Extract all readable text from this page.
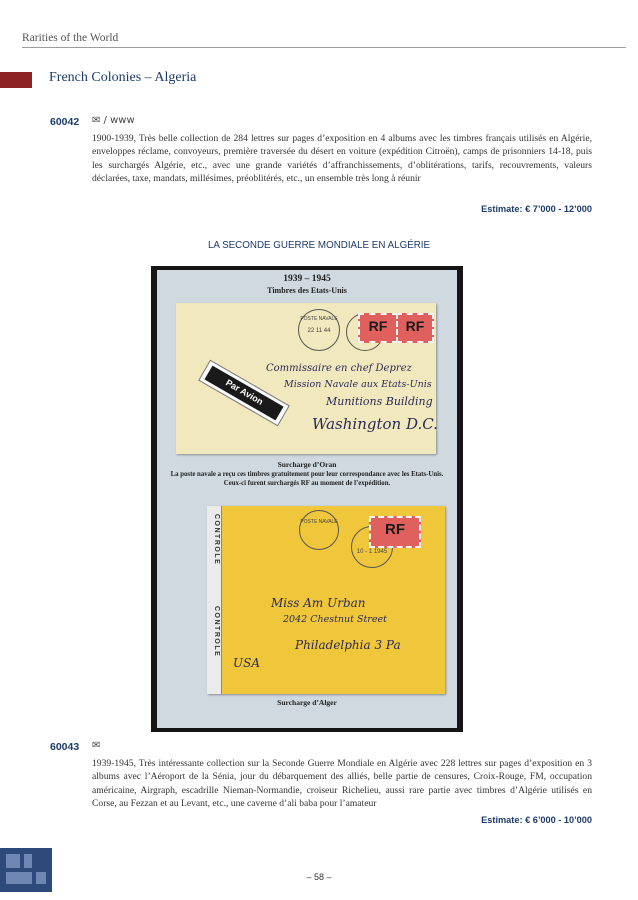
Rarities of the World
French Colonies – Algeria
60042 ✉ / www
1900-1939, Très belle collection de 284 lettres sur pages d’exposition en 4 albums avec les timbres français utilisés en Algérie, enveloppes réclame, convoyeurs, première traversée du désert en voiture (expédition Citroën), camps de prisonniers 14-18, puis les surchargés Algérie, etc., avec une grande variétés d’affranchissements, d’oblitérations, tarifs, recouvrements, valeurs déclarées, taxe, mandats, millésimes, préoblitérés, etc., un ensemble très long à réunir
Estimate: € 7’000 - 12’000
LA SECONDE GUERRE MONDIALE EN ALGÉRIE
1939 – 1945
Timbres des Etats-Unis
POSTE NAVALE
22 11 44	RF	RF
Par Avion
Commissaire en chef Deprez
Mission Navale aux Etats-Unis
Munitions Building
Washington D.C.
Surcharge d’Oran
La poste navale a reçu ces timbres gratuitement pour leur correspondance avec les Etats-Unis. Ceux-ci furent surchargés RF au moment de l’expédition.
CONTROLE
CONTROLE
POSTE NAVALE
10 - 1 1945
RF
Miss Am Urban
2042 Chestnut Street
Philadelphia 3 Pa
USA
Surcharge d’Alger
60043 ✉
1939-1945, Très intéressante collection sur la Seconde Guerre Mondiale en Algérie avec 228 lettres sur pages d’exposition en 3 albums avec l’Aéroport de la Sénia, jour du débarquement des alliés, belle partie de censures, Croix-Rouge, FM, occupation américaine, Airgraph, escadrille Nieman-Normandie, croiseur Richelieu, aussi rare partie avec timbres d’Algérie utilisés en Corse, au Fezzan et au Levant, etc., une caverne d’ali baba pour l’amateur
Estimate: € 6’000 - 10’000
– 58 –
